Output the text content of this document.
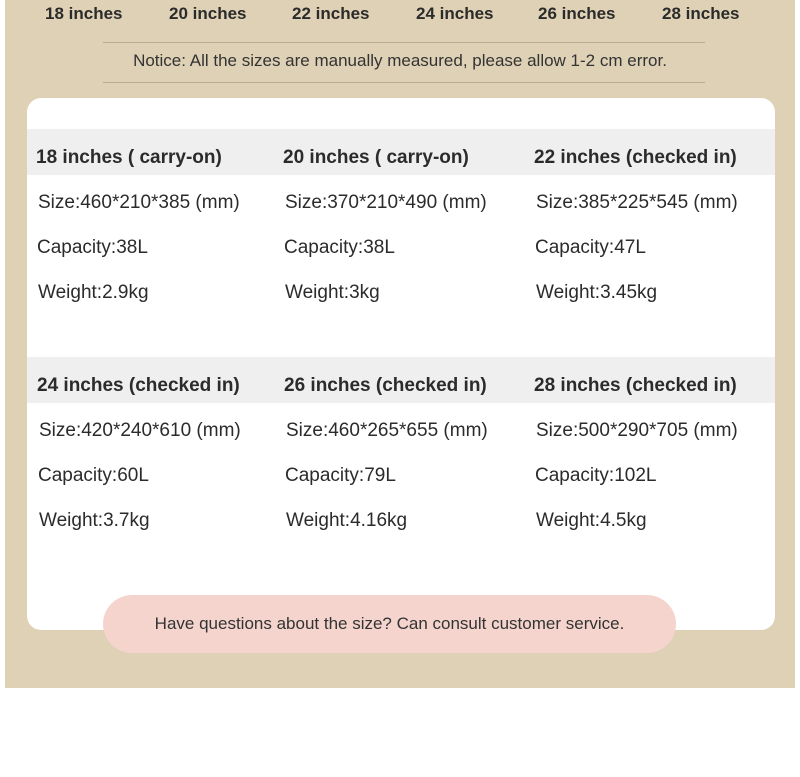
18 inches	20 inches	22 inches	24 inches	26 inches	28 inches
Notice: All the sizes are manually measured, please allow 1-2 cm error.
18 inches ( carry-on)
Size:460*210*385 (mm)
Capacity:38L
Weight:2.9kg
20 inches ( carry-on)
Size:370*210*490 (mm)
Capacity:38L
Weight:3kg
22 inches (checked in)
Size:385*225*545 (mm)
Capacity:47L
Weight:3.45kg
24 inches (checked in)
Size:420*240*610 (mm)
Capacity:60L
Weight:3.7kg
26 inches (checked in)
Size:460*265*655 (mm)
Capacity:79L
Weight:4.16kg
28 inches (checked in)
Size:500*290*705 (mm)
Capacity:102L
Weight:4.5kg
Have questions about the size? Can consult customer service.
